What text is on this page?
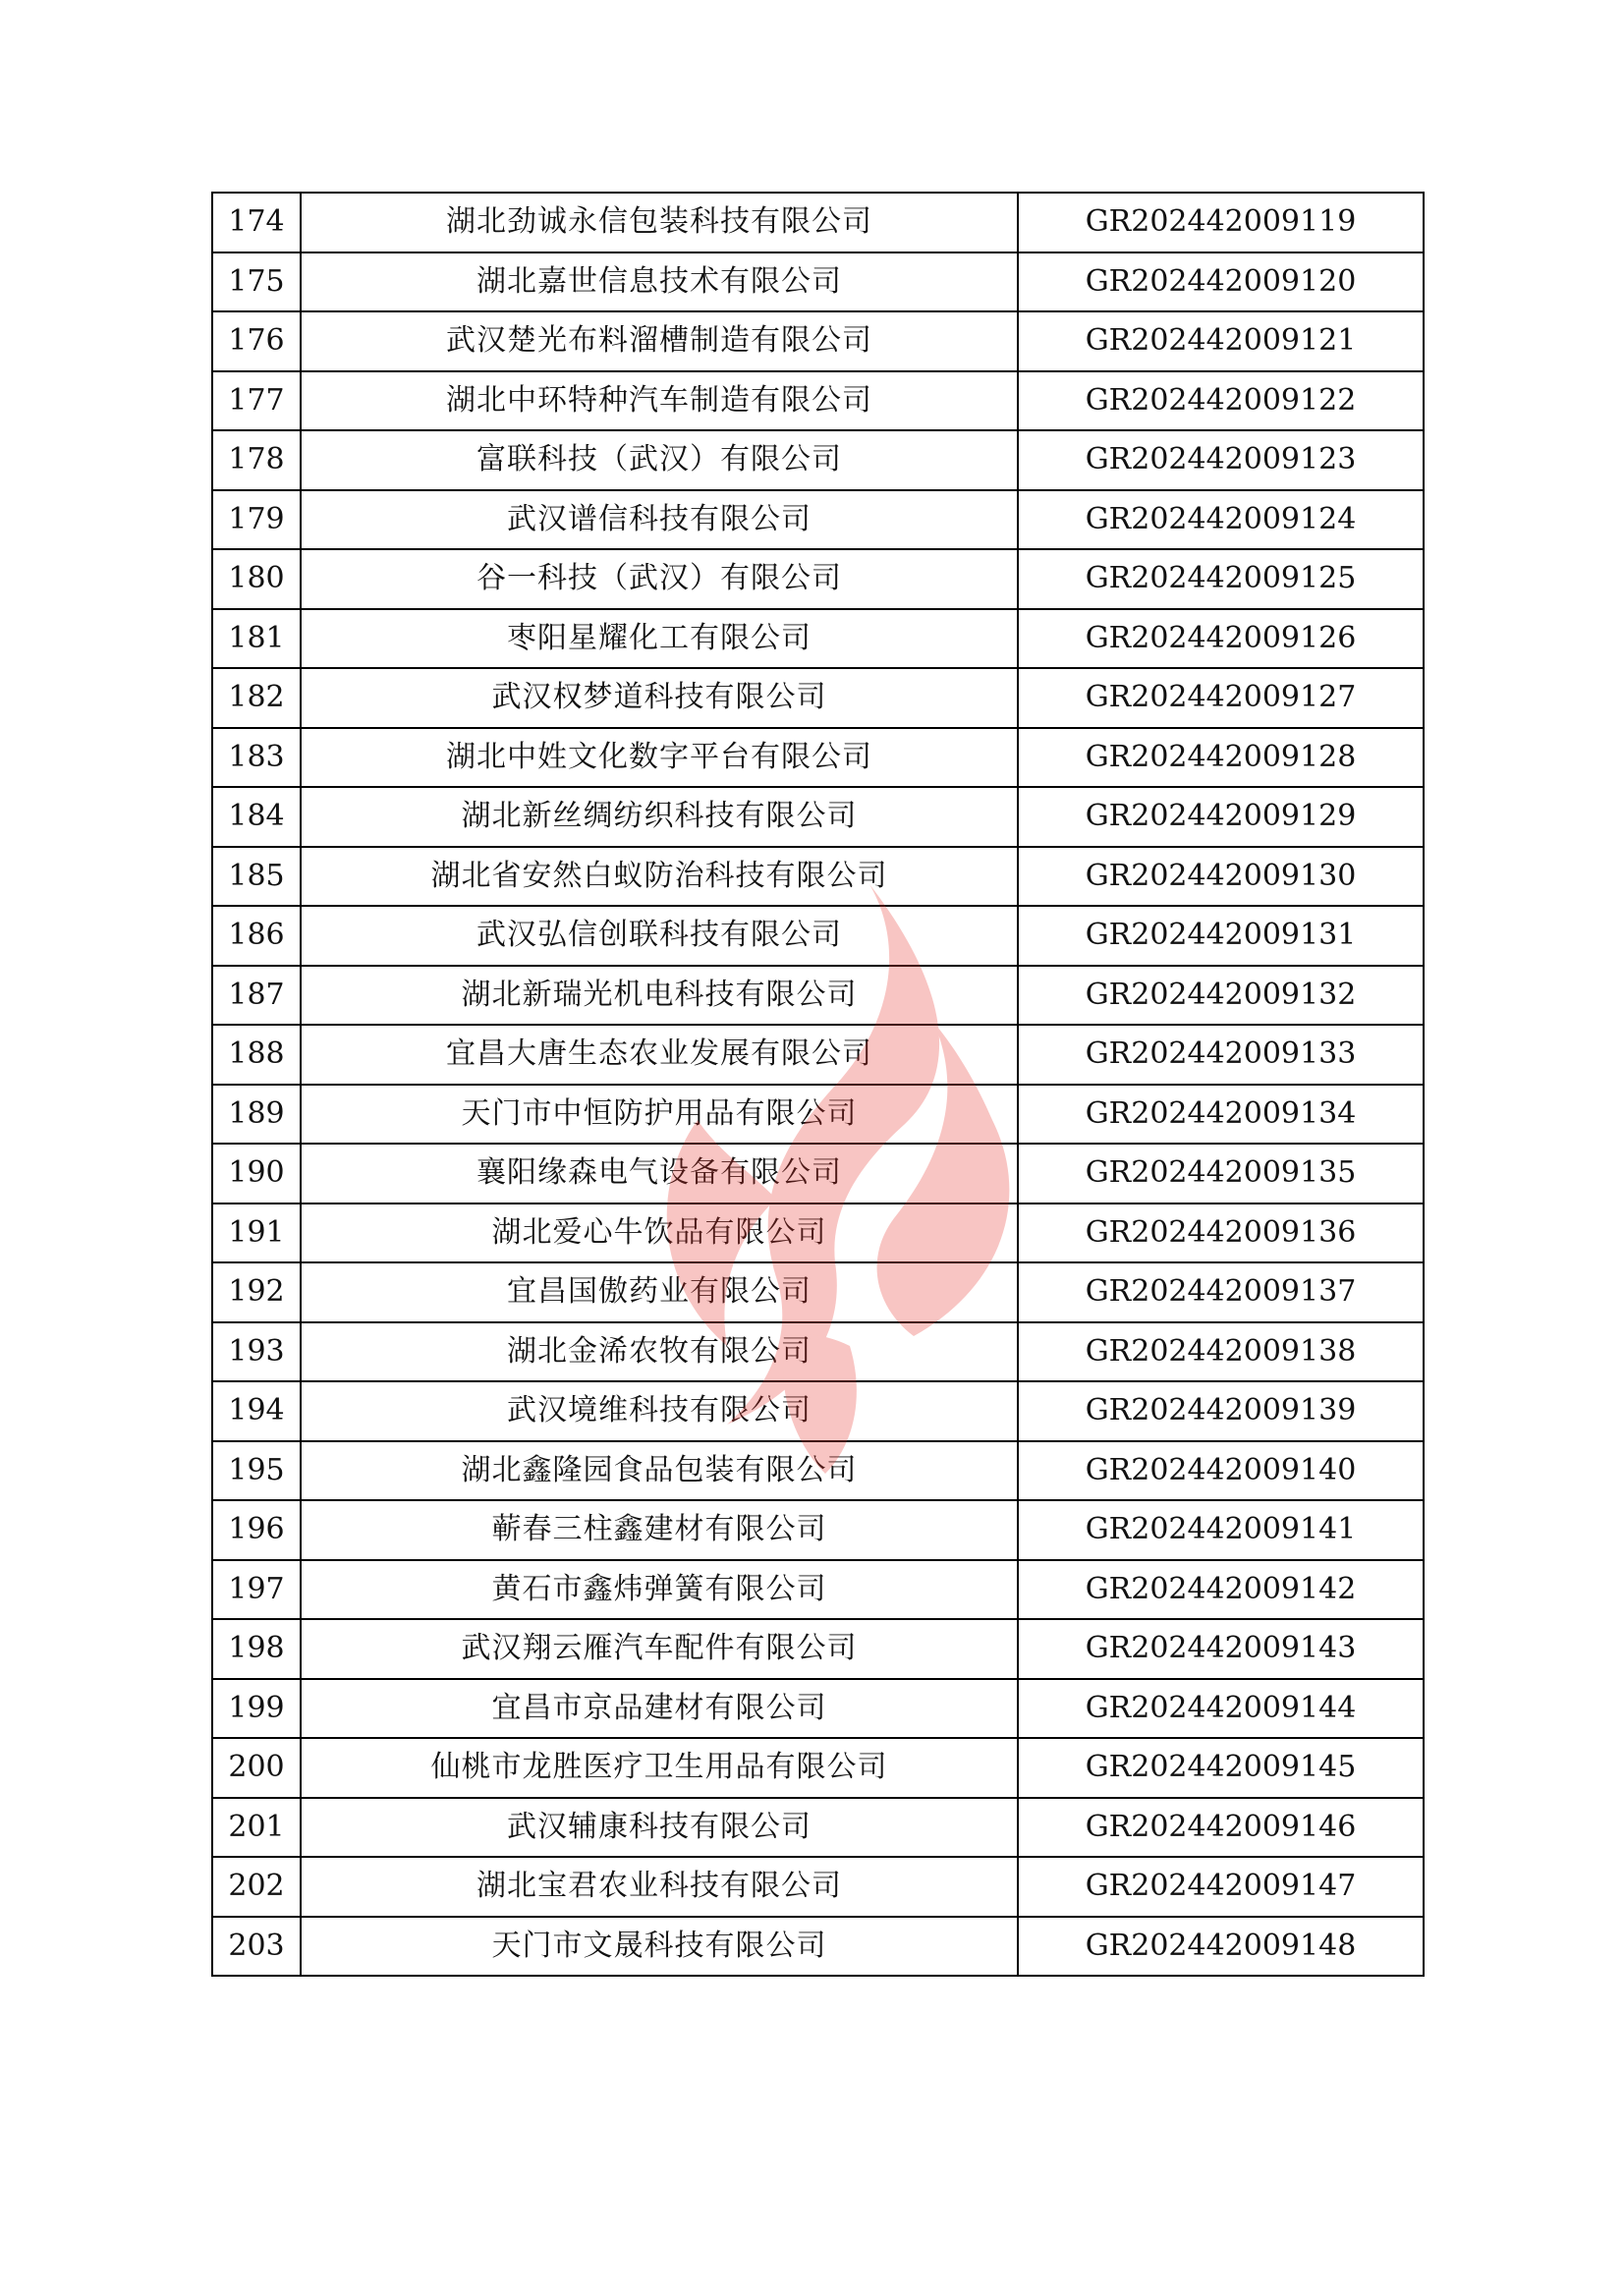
174	湖北劲诚永信包装科技有限公司	GR202442009119
175	湖北嘉世信息技术有限公司	GR202442009120
176	武汉楚光布料溜槽制造有限公司	GR202442009121
177	湖北中环特种汽车制造有限公司	GR202442009122
178	富联科技（武汉）有限公司	GR202442009123
179	武汉谱信科技有限公司	GR202442009124
180	谷一科技（武汉）有限公司	GR202442009125
181	枣阳星耀化工有限公司	GR202442009126
182	武汉权梦道科技有限公司	GR202442009127
183	湖北中姓文化数字平台有限公司	GR202442009128
184	湖北新丝绸纺织科技有限公司	GR202442009129
185	湖北省安然白蚁防治科技有限公司	GR202442009130
186	武汉弘信创联科技有限公司	GR202442009131
187	湖北新瑞光机电科技有限公司	GR202442009132
188	宜昌大唐生态农业发展有限公司	GR202442009133
189	天门市中恒防护用品有限公司	GR202442009134
190	襄阳缘森电气设备有限公司	GR202442009135
191	湖北爱心牛饮品有限公司	GR202442009136
192	宜昌国傲药业有限公司	GR202442009137
193	湖北金浠农牧有限公司	GR202442009138
194	武汉境维科技有限公司	GR202442009139
195	湖北鑫隆园食品包装有限公司	GR202442009140
196	蕲春三柱鑫建材有限公司	GR202442009141
197	黄石市鑫炜弹簧有限公司	GR202442009142
198	武汉翔云雁汽车配件有限公司	GR202442009143
199	宜昌市京品建材有限公司	GR202442009144
200	仙桃市龙胜医疗卫生用品有限公司	GR202442009145
201	武汉辅康科技有限公司	GR202442009146
202	湖北宝君农业科技有限公司	GR202442009147
203	天门市文晟科技有限公司	GR202442009148
